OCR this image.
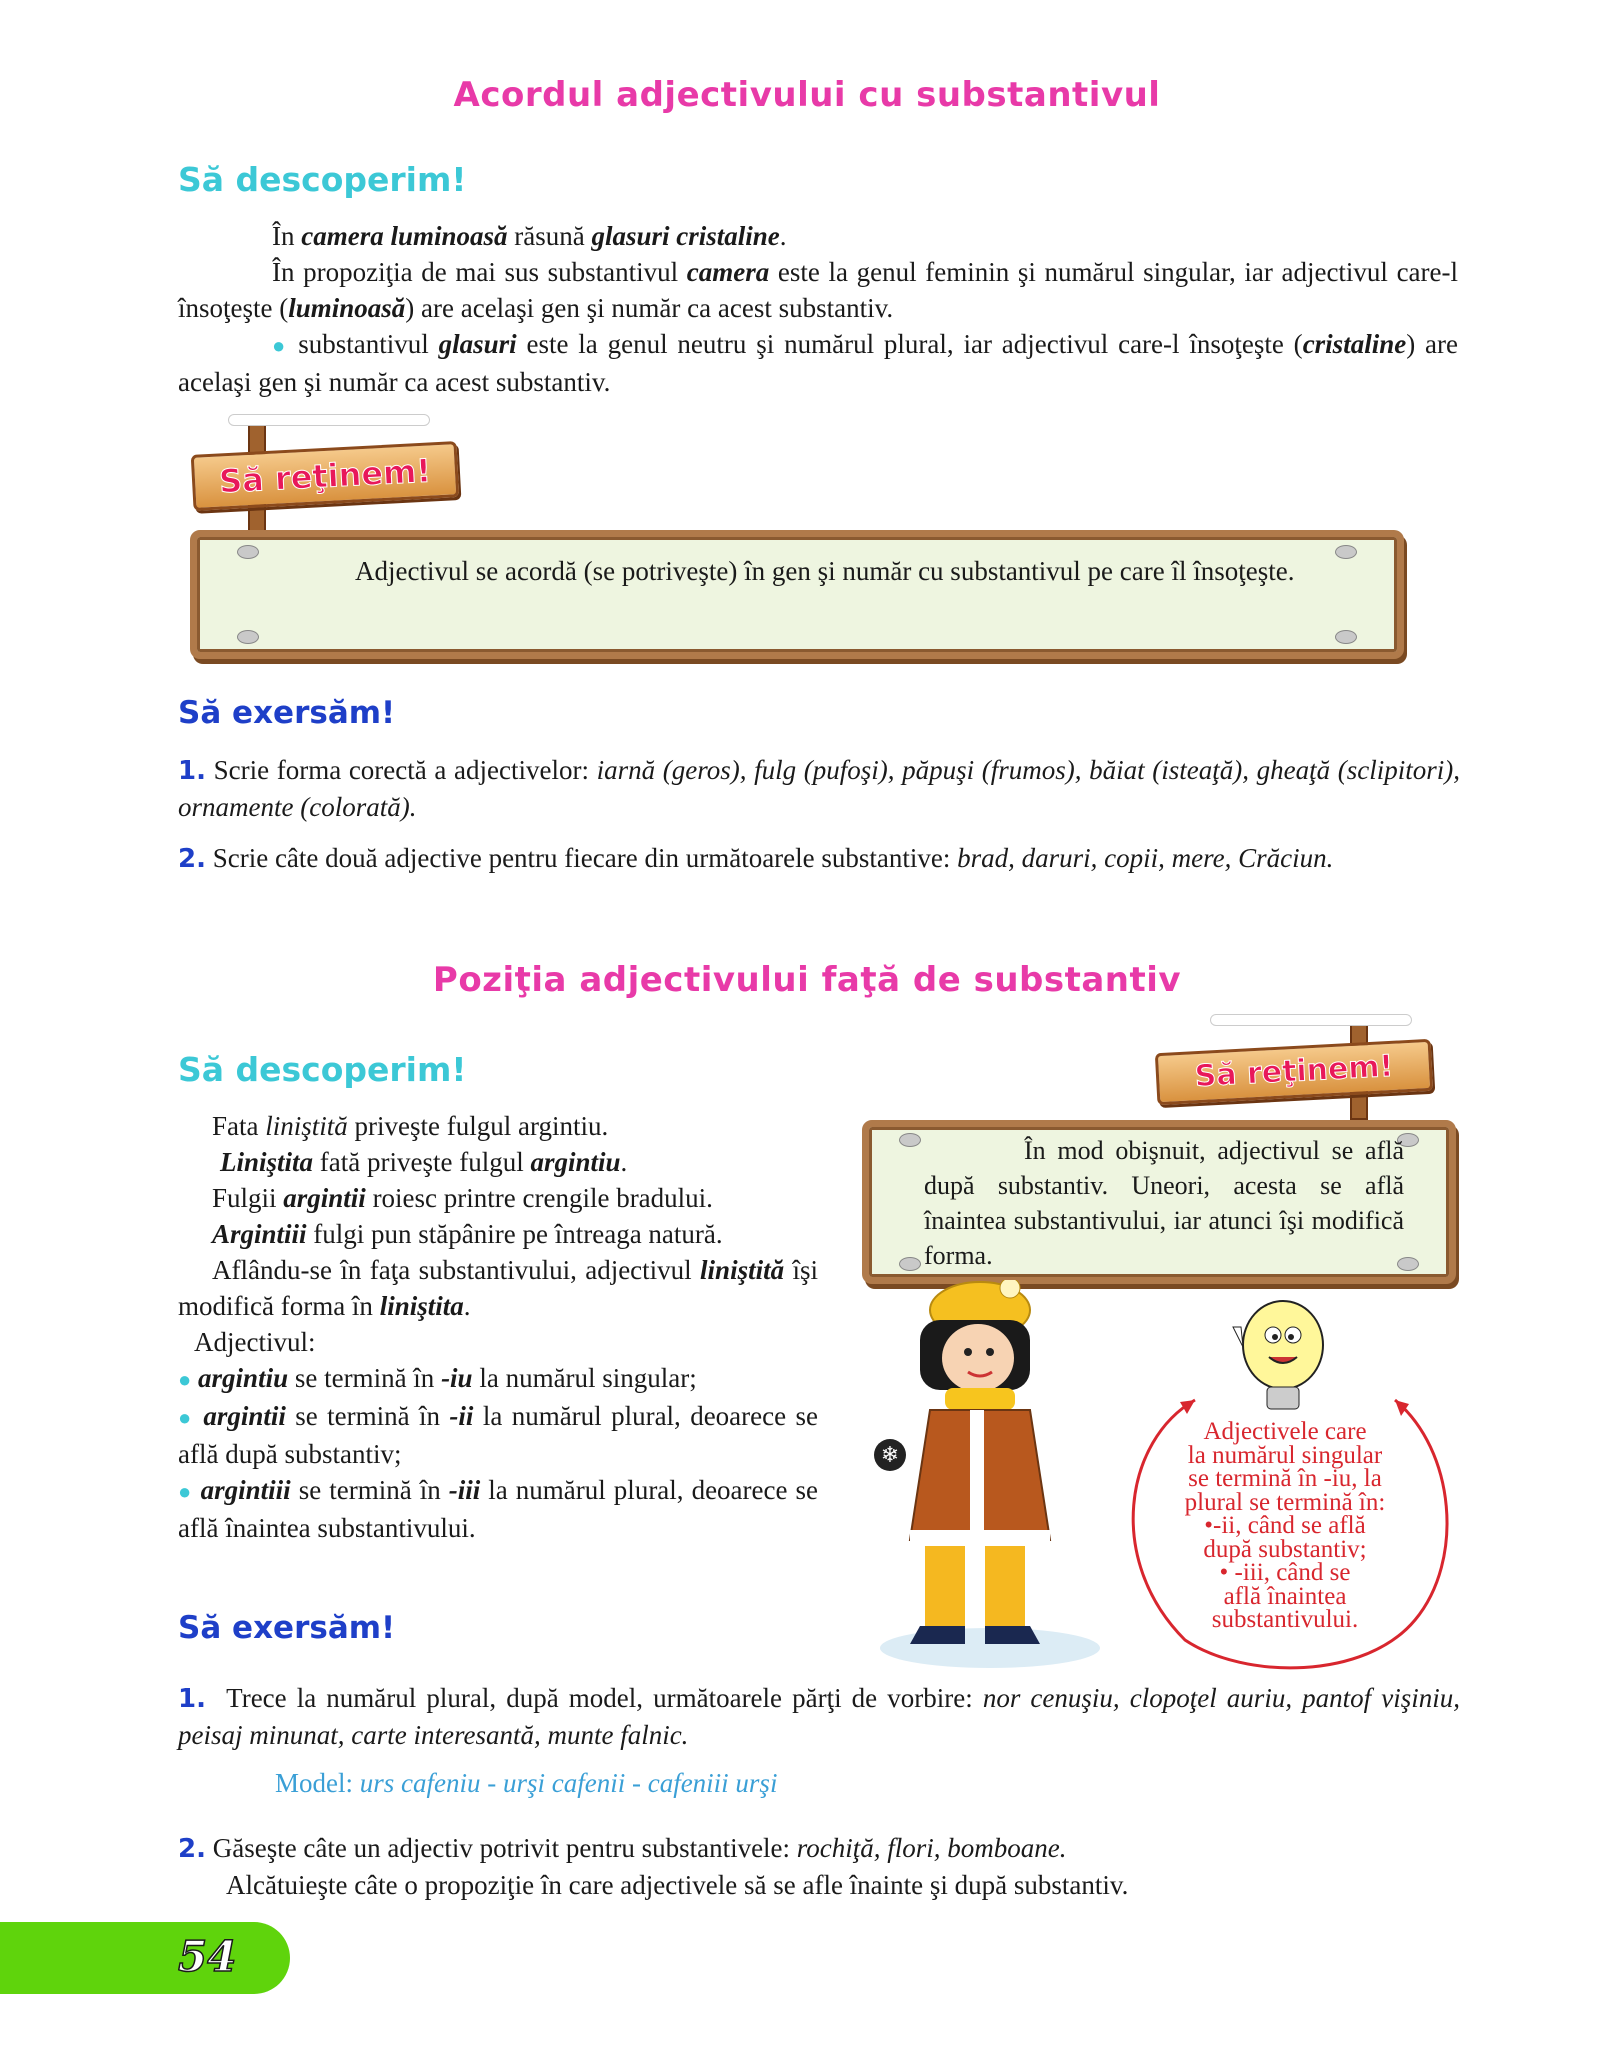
Acordul adjectivului cu substantivul
Să descoperim!
În camera luminoasă răsună glasuri cristaline.
În propoziţia de mai sus substantivul camera este la genul feminin şi numărul singular, iar adjectivul care-l însoţeşte (luminoasă) are acelaşi gen şi număr ca acest substantiv.
● substantivul glasuri este la genul neutru şi numărul plural, iar adjectivul care-l însoţeşte (cristaline) are acelaşi gen şi număr ca acest substantiv.
Să reţinem!
Adjectivul se acordă (se potriveşte) în gen şi număr cu substantivul pe care îl însoţeşte.
Să exersăm!
1. Scrie forma corectă a adjectivelor: iarnă (geros), fulg (pufoşi), păpuşi (frumos), băiat (isteaţă), gheaţă (sclipitori), ornamente (colorată).
2. Scrie câte două adjective pentru fiecare din următoarele substantive: brad, daruri, copii, mere, Crăciun.
Poziţia adjectivului faţă de substantiv
Să descoperim!
Fata liniştită priveşte fulgul argintiu.
Liniştita fată priveşte fulgul argintiu.
Fulgii argintii roiesc printre crengile bradului.
Argintiii fulgi pun stăpânire pe întreaga natură.
Aflându-se în faţa substantivului, adjectivul liniştită îşi modifică forma în liniştita.
Adjectivul:
● argintiu se termină în -iu la numărul singular;
● argintii se termină în -ii la numărul plural, deoarece se află după substantiv;
● argintiii se termină în -iii la numărul plural, deoarece se află înaintea substantivului.
Să reţinem!
În mod obişnuit, adjectivul se află după substantiv. Uneori, acesta se află înaintea substantivului, iar atunci îşi modifică forma.
❄
Adjectivele care
la numărul singular
se termină în -iu, la
plural se termină în:
•-ii, când se află
după substantiv;
• -iii, când se
află înaintea
substantivului.
Să exersăm!
1. Trece la numărul plural, după model, următoarele părţi de vorbire: nor cenuşiu, clopoţel auriu, pantof vişiniu, peisaj minunat, carte interesantă, munte falnic.
Model: urs cafeniu - urşi cafenii - cafeniii urşi
2. Găseşte câte un adjectiv potrivit pentru substantivele: rochiţă, flori, bomboane.
Alcătuieşte câte o propoziţie în care adjectivele să se afle înainte şi după substantiv.
54
